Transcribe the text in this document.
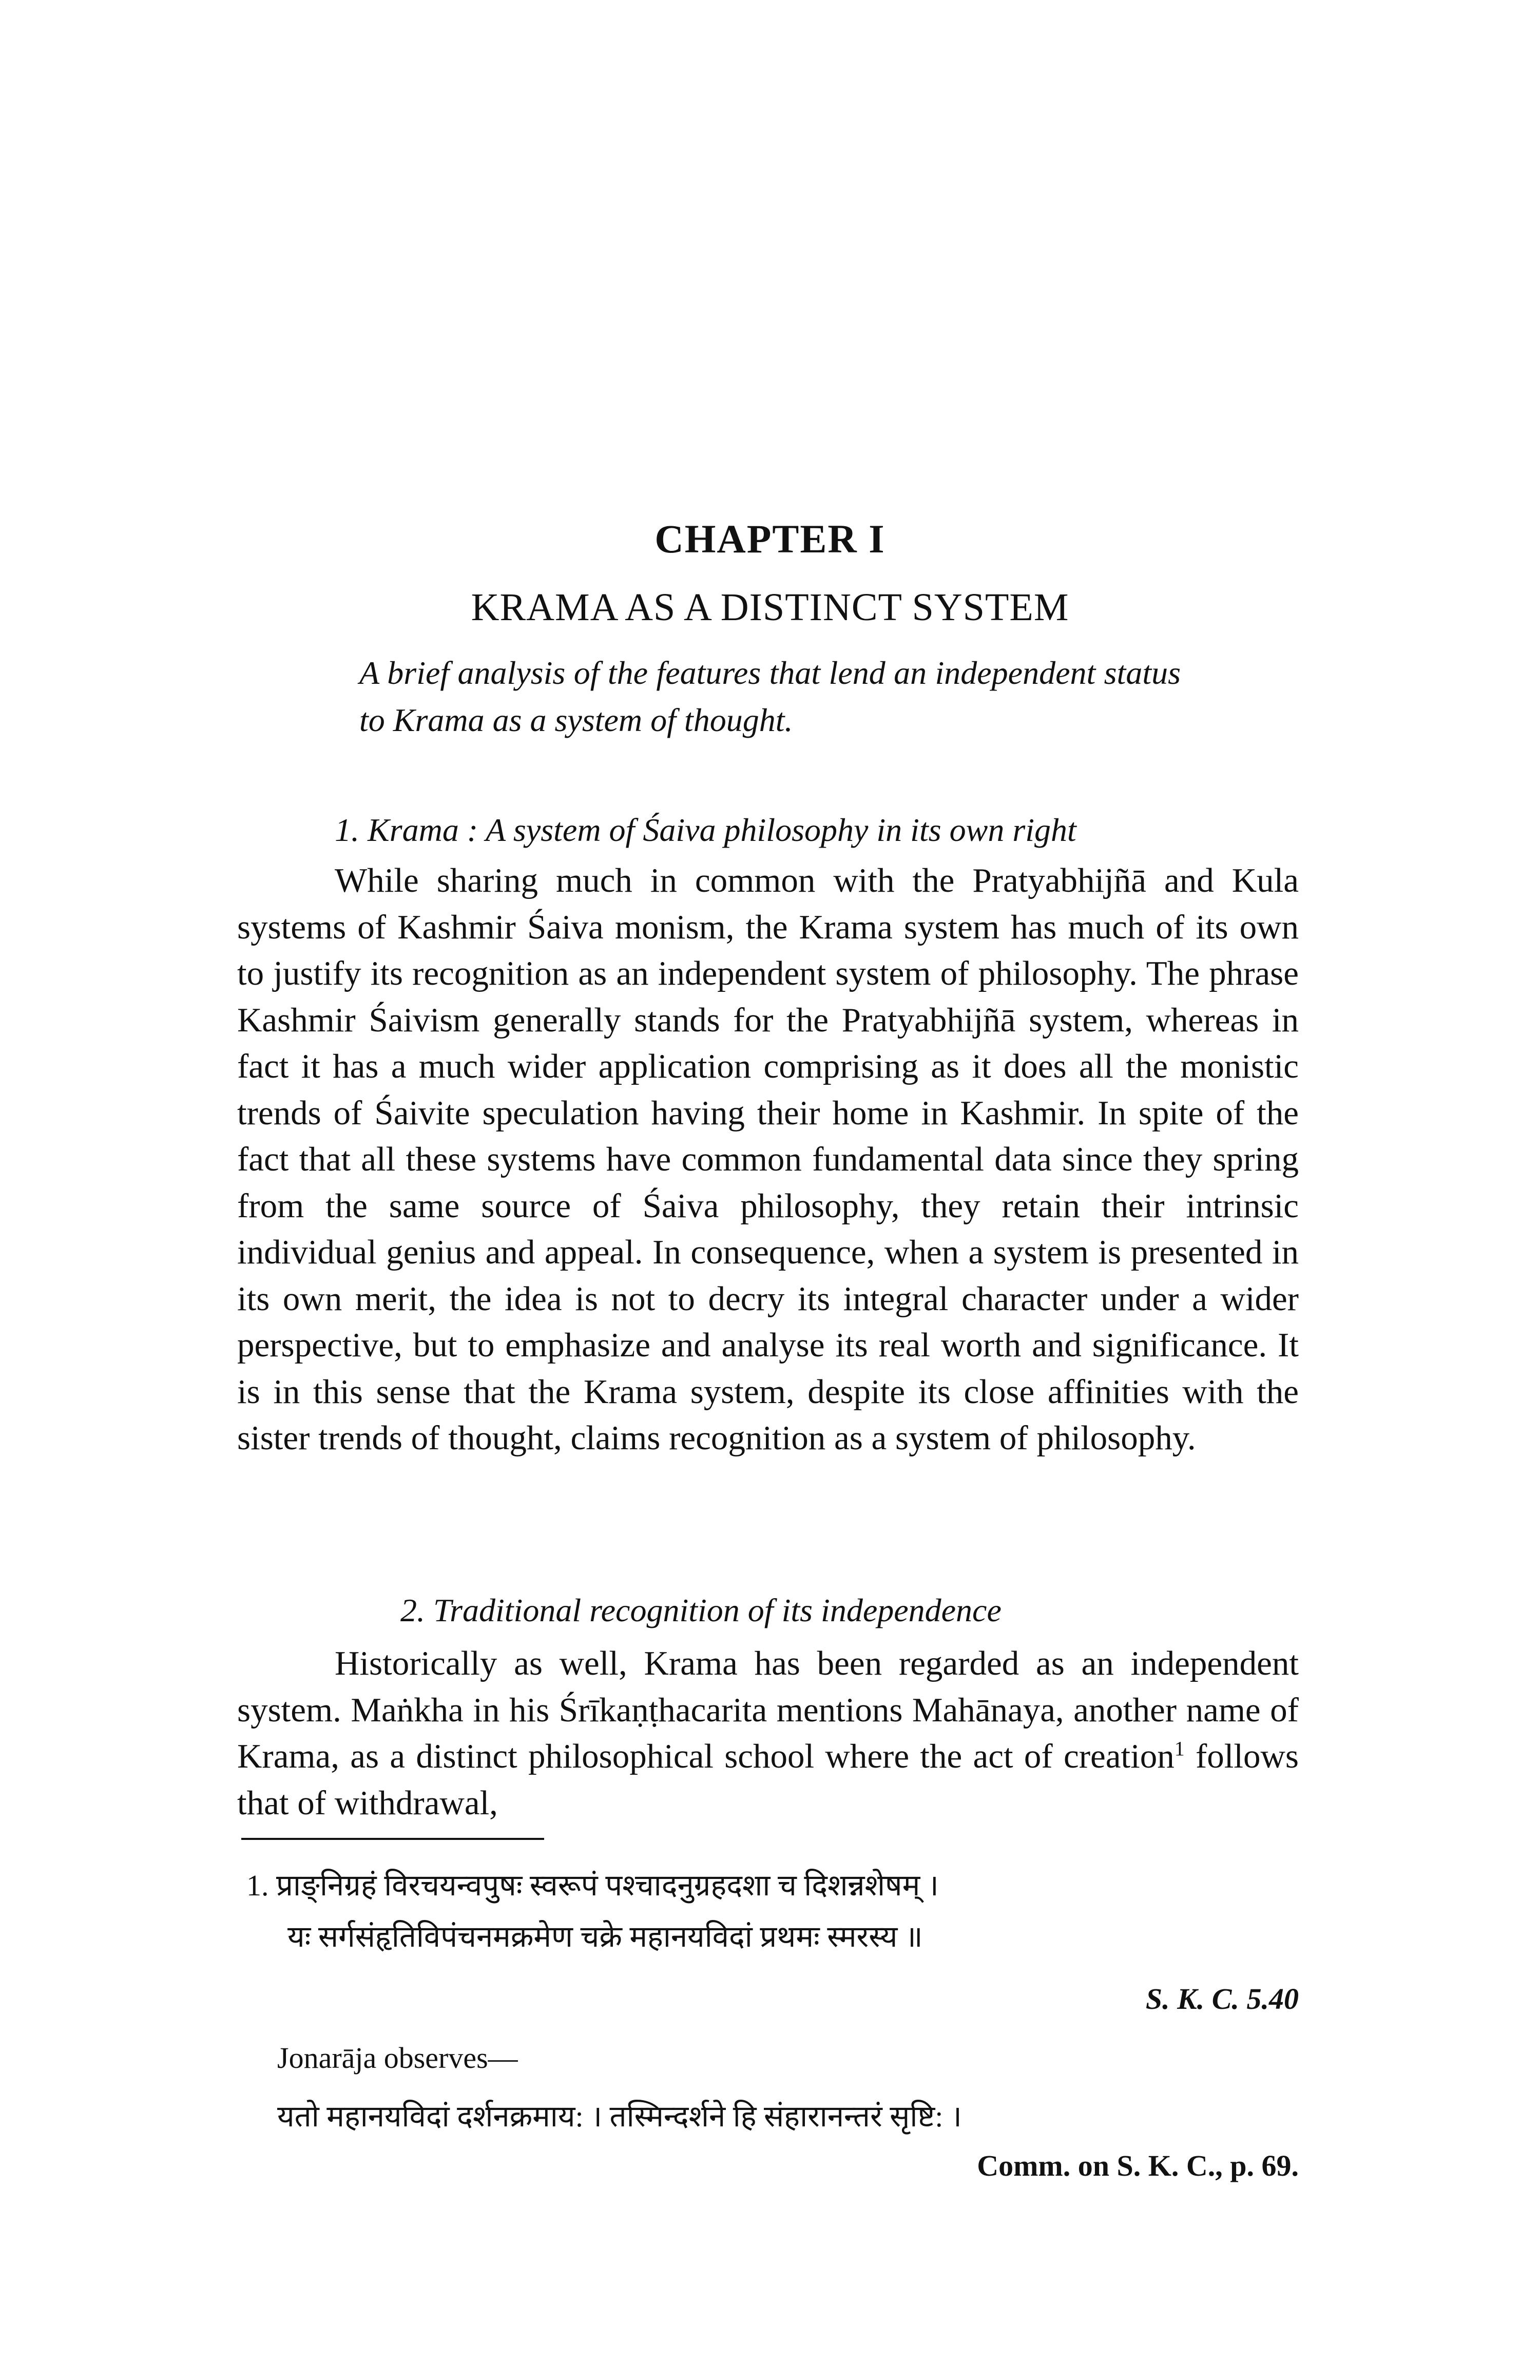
CHAPTER I
KRAMA AS A DISTINCT SYSTEM

A brief analysis of the features that lend an independent status to Krama as a system of thought.

1. Krama : A system of Śaiva philosophy in its own right

While sharing much in common with the Pratyabhijñā and Kula systems of Kashmir Śaiva monism, the Krama system has much of its own to justify its recognition as an independent system of philosophy. The phrase Kashmir Śaivism generally stands for the Pratyabhijñā system, whereas in fact it has a much wider application comprising as it does all the monistic trends of Śaivite speculation having their home in Kashmir. In spite of the fact that all these systems have common fundamental data since they spring from the same source of Śaiva philosophy, they retain their intrinsic individual genius and appeal. In consequence, when a system is presented in its own merit, the idea is not to decry its integral character under a wider perspective, but to emphasize and analyse its real worth and significance. It is in this sense that the Krama system, despite its close affinities with the sister trends of thought, claims recognition as a system of philosophy.

2. Traditional recognition of its independence

Historically as well, Krama has been regarded as an independent system. Maṅkha in his Śrīkaṇṭhacarita mentions Mahānaya, another name of Krama, as a distinct philosophical school where the act of creation$^1$ follows that of withdrawal,

1. प्राङ्निग्रहं विरचयन्वपुषः स्वरूपं पश्चादनुग्रहदशा च दिशन्नशेषम् ।

यः सर्गसंहृतिविपंचनमक्रमेण चक्रे महानयविदां प्रथमः स्मरस्य ॥

S. K. C. 5.40

Jonarāja observes—

यतो महानयविदां दर्शनक्रमाय: । तस्मिन्दर्शने हि संहारानन्तरं सृष्टि: ।

Comm. on S. K. C., p. 69.
